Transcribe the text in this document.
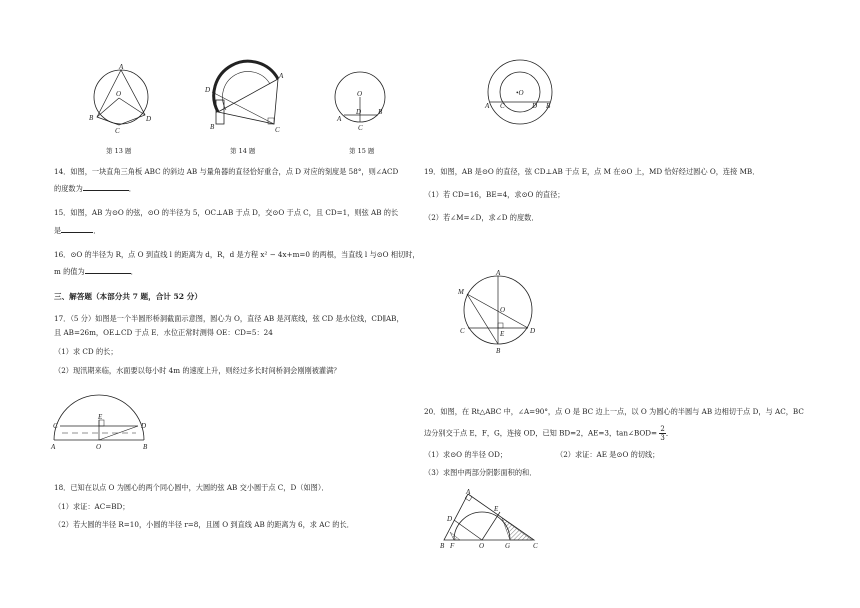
A
O
B
C
D
第 13 题
A
D
B	C
第 14 题
O
A
D B
C
第 15 题
14．如图，一块直角三角板 ABC 的斜边 AB 与量角器的直径恰好重合，点 D 对应的刻度是 58°，则∠ACD
的度数为	．
15．如图，AB 为⊙O 的弦，⊙O 的半径为 5，OC⊥AB 于点 D，交⊙O 于点 C，且 CD=1，则弦 AB 的长
是	．
16．⊙O 的半径为 R，点 O 到直线 l 的距离为 d，R，d 是方程 x² − 4x+m=0 的两根，当直线 l 与⊙O 相切时，
m 的值为	．
三、解答题（本部分共 7 题，合计 52 分）
17．（5 分）如图是一个半圆形桥洞截面示意图，圆心为 O，直径 AB 是河底线，弦 CD 是水位线，CD∥AB，
且 AB=26m，OE⊥CD 于点 E．水位正常时测得 OE：CD=5：24
（1）求 CD 的长；
（2）现汛期来临，水面要以每小时 4m 的速度上升，则经过多长时间桥洞会刚刚被灌满？
C
E
D
A	O	B
18．已知在以点 O 为圆心的两个同心圆中，大圆的弦 AB 交小圆于点 C，D（如图）．
（1）求证：AC=BD；
（2）若大圆的半径 R=10，小圆的半径 r=8，且圆 O 到直线 AB 的距离为 6，求 AC 的长．
•O
A C	D B
19．如图，AB 是⊙O 的直径，弦 CD⊥AB 于点 E，点 M 在⊙O 上，MD 恰好经过圆心 O，连接 MB．
（1）若 CD=16，BE=4，求⊙O 的直径；
（2）若∠M=∠D，求∠D 的度数．
A
M
O
C	E	D
B
20．如图，在 Rt△ABC 中，∠A=90°，点 O 是 BC 边上一点，以 O 为圆心的半圆与 AB 边相切于点 D，与 AC，BC
边分别交于点 E，F，G，连接 OD，已知 BD=2，AE=3，tan∠BOD= $\frac{2}{3}$ ．
（1）求⊙O 的半径 OD；	（2）求证：AE 是⊙O 的切线；
（3）求图中两部分阴影面积的和．
A
D
E
B F	O	G	C
